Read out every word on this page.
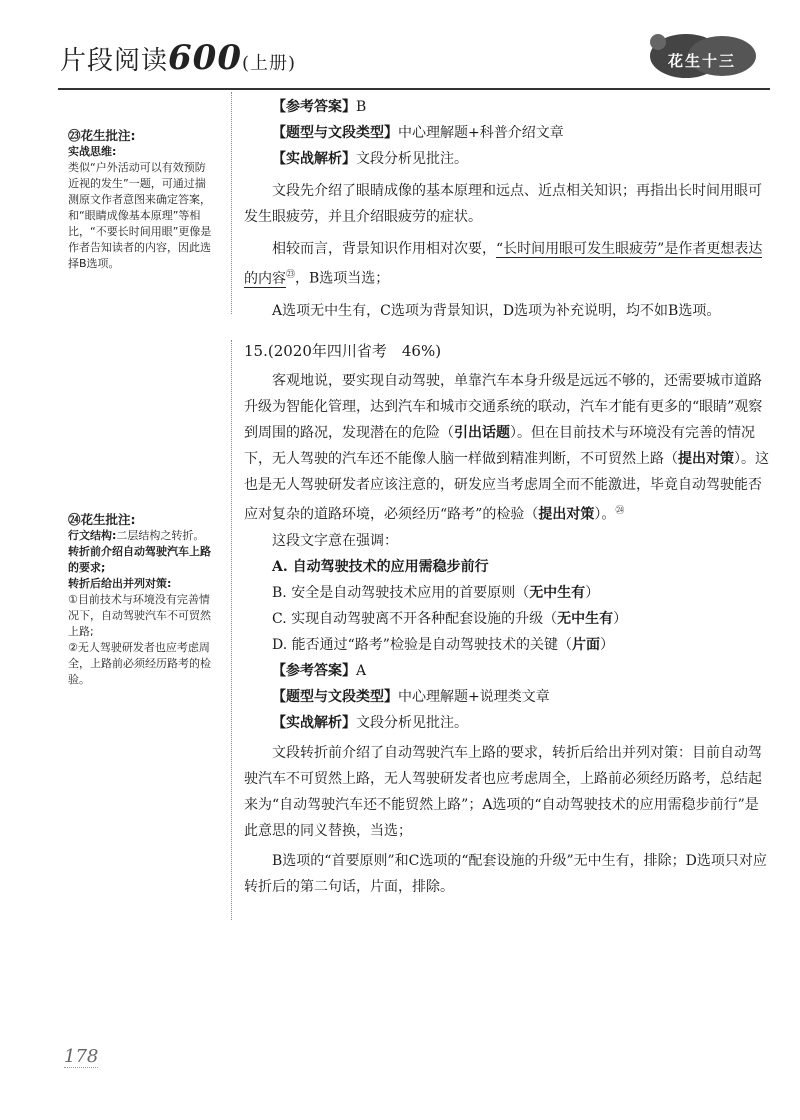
片段阅读600(上册)	花生十三
㉓花生批注:
实战思维:
类似“户外活动可以有效预防近视的发生”一题，可通过揣测原文作者意图来确定答案，和“眼睛成像基本原理”等相比，“不要长时间用眼”更像是作者告知读者的内容，因此选择B选项。
㉔花生批注:
行文结构:二层结构之转折。
转折前介绍自动驾驶汽车上路的要求;
转折后给出并列对策:
①目前技术与环境没有完善情况下，自动驾驶汽车不可贸然上路;
②无人驾驶研发者也应考虑周全，上路前必须经历路考的检验。
【参考答案】B
【题型与文段类型】中心理解题+科普介绍文章
【实战解析】文段分析见批注。

文段先介绍了眼睛成像的基本原理和远点、近点相关知识；再指出长时间用眼可发生眼疲劳，并且介绍眼疲劳的症状。

相较而言，背景知识作用相对次要，“长时间用眼可发生眼疲劳”是作者更想表达的内容$^㉓$，B选项当选；

A选项无中生有，C选项为背景知识，D选项为补充说明，均不如B选项。

15.(2020年四川省考　46%)

客观地说，要实现自动驾驶，单靠汽车本身升级是远远不够的，还需要城市道路升级为智能化管理，达到汽车和城市交通系统的联动，汽车才能有更多的“眼睛”观察到周围的路况，发现潜在的危险（引出话题）。但在目前技术与环境没有完善的情况下，无人驾驶的汽车还不能像人脑一样做到精准判断，不可贸然上路（提出对策）。这也是无人驾驶研发者应该注意的，研发应当考虑周全而不能激进，毕竟自动驾驶能否应对复杂的道路环境，必须经历“路考”的检验（提出对策）。$^㉔$

这段文字意在强调：
A. 自动驾驶技术的应用需稳步前行
B. 安全是自动驾驶技术应用的首要原则（无中生有）
C. 实现自动驾驶离不开各种配套设施的升级（无中生有）
D. 能否通过“路考”检验是自动驾驶技术的关键（片面）
【参考答案】A
【题型与文段类型】中心理解题+说理类文章
【实战解析】文段分析见批注。

文段转折前介绍了自动驾驶汽车上路的要求，转折后给出并列对策：目前自动驾驶汽车不可贸然上路，无人驾驶研发者也应考虑周全，上路前必须经历路考，总结起来为“自动驾驶汽车还不能贸然上路”；A选项的“自动驾驶技术的应用需稳步前行”是此意思的同义替换，当选；

B选项的“首要原则”和C选项的“配套设施的升级”无中生有，排除；D选项只对应转折后的第二句话，片面，排除。

178
